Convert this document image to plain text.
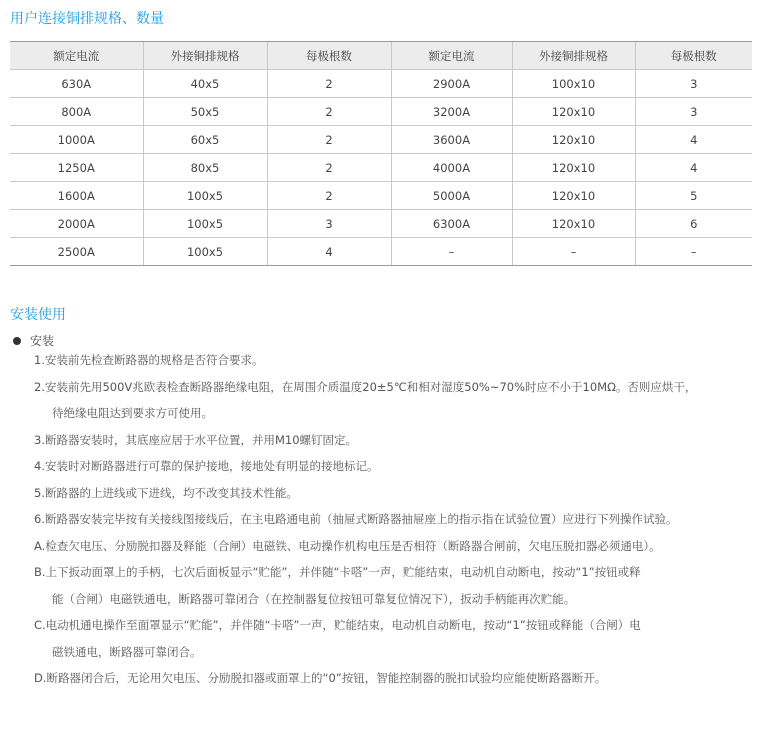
用户连接铜排规格、数量
额定电流	外接铜排规格	每极根数	额定电流	外接铜排规格	每极根数
630A	40x5	2	2900A	100x10	3
800A	50x5	2	3200A	120x10	3
1000A	60x5	2	3600A	120x10	4
1250A	80x5	2	4000A	120x10	4
1600A	100x5	2	5000A	120x10	5
2000A	100x5	3	6300A	120x10	6
2500A	100x5	4	–	–	–
安装使用
安装

1.安装前先检查断路器的规格是否符合要求。

2.安装前先用500V兆欧表检查断路器绝缘电阻，在周围介质温度20±5℃和相对湿度50%~70%时应不小于10MΩ。否则应烘干，

待绝缘电阻达到要求方可使用。

3.断路器安装时，其底座应居于水平位置，并用M10螺钉固定。

4.安装时对断路器进行可靠的保护接地，接地处有明显的接地标记。

5.断路器的上进线或下进线，均不改变其技术性能。

6.断路器安装完毕按有关接线图接线后，在主电路通电前（抽屉式断路器抽屉座上的指示指在试验位置）应进行下列操作试验。

A.检查欠电压、分励脱扣器及释能（合闸）电磁铁、电动操作机构电压是否相符（断路器合闸前，欠电压脱扣器必须通电）。

B.上下扳动面罩上的手柄，七次后面板显示“贮能”，并伴随“卡嗒”一声，贮能结束，电动机自动断电，按动“1”按钮或释

能（合闸）电磁铁通电，断路器可靠闭合（在控制器复位按钮可靠复位情况下），扳动手柄能再次贮能。

C.电动机通电操作至面罩显示“贮能”，并伴随“卡嗒”一声，贮能结束，电动机自动断电，按动“1”按钮或释能（合闸）电

磁铁通电，断路器可靠闭合。

D.断路器闭合后，无论用欠电压、分励脱扣器或面罩上的“0”按钮，智能控制器的脱扣试验均应能使断路器断开。
